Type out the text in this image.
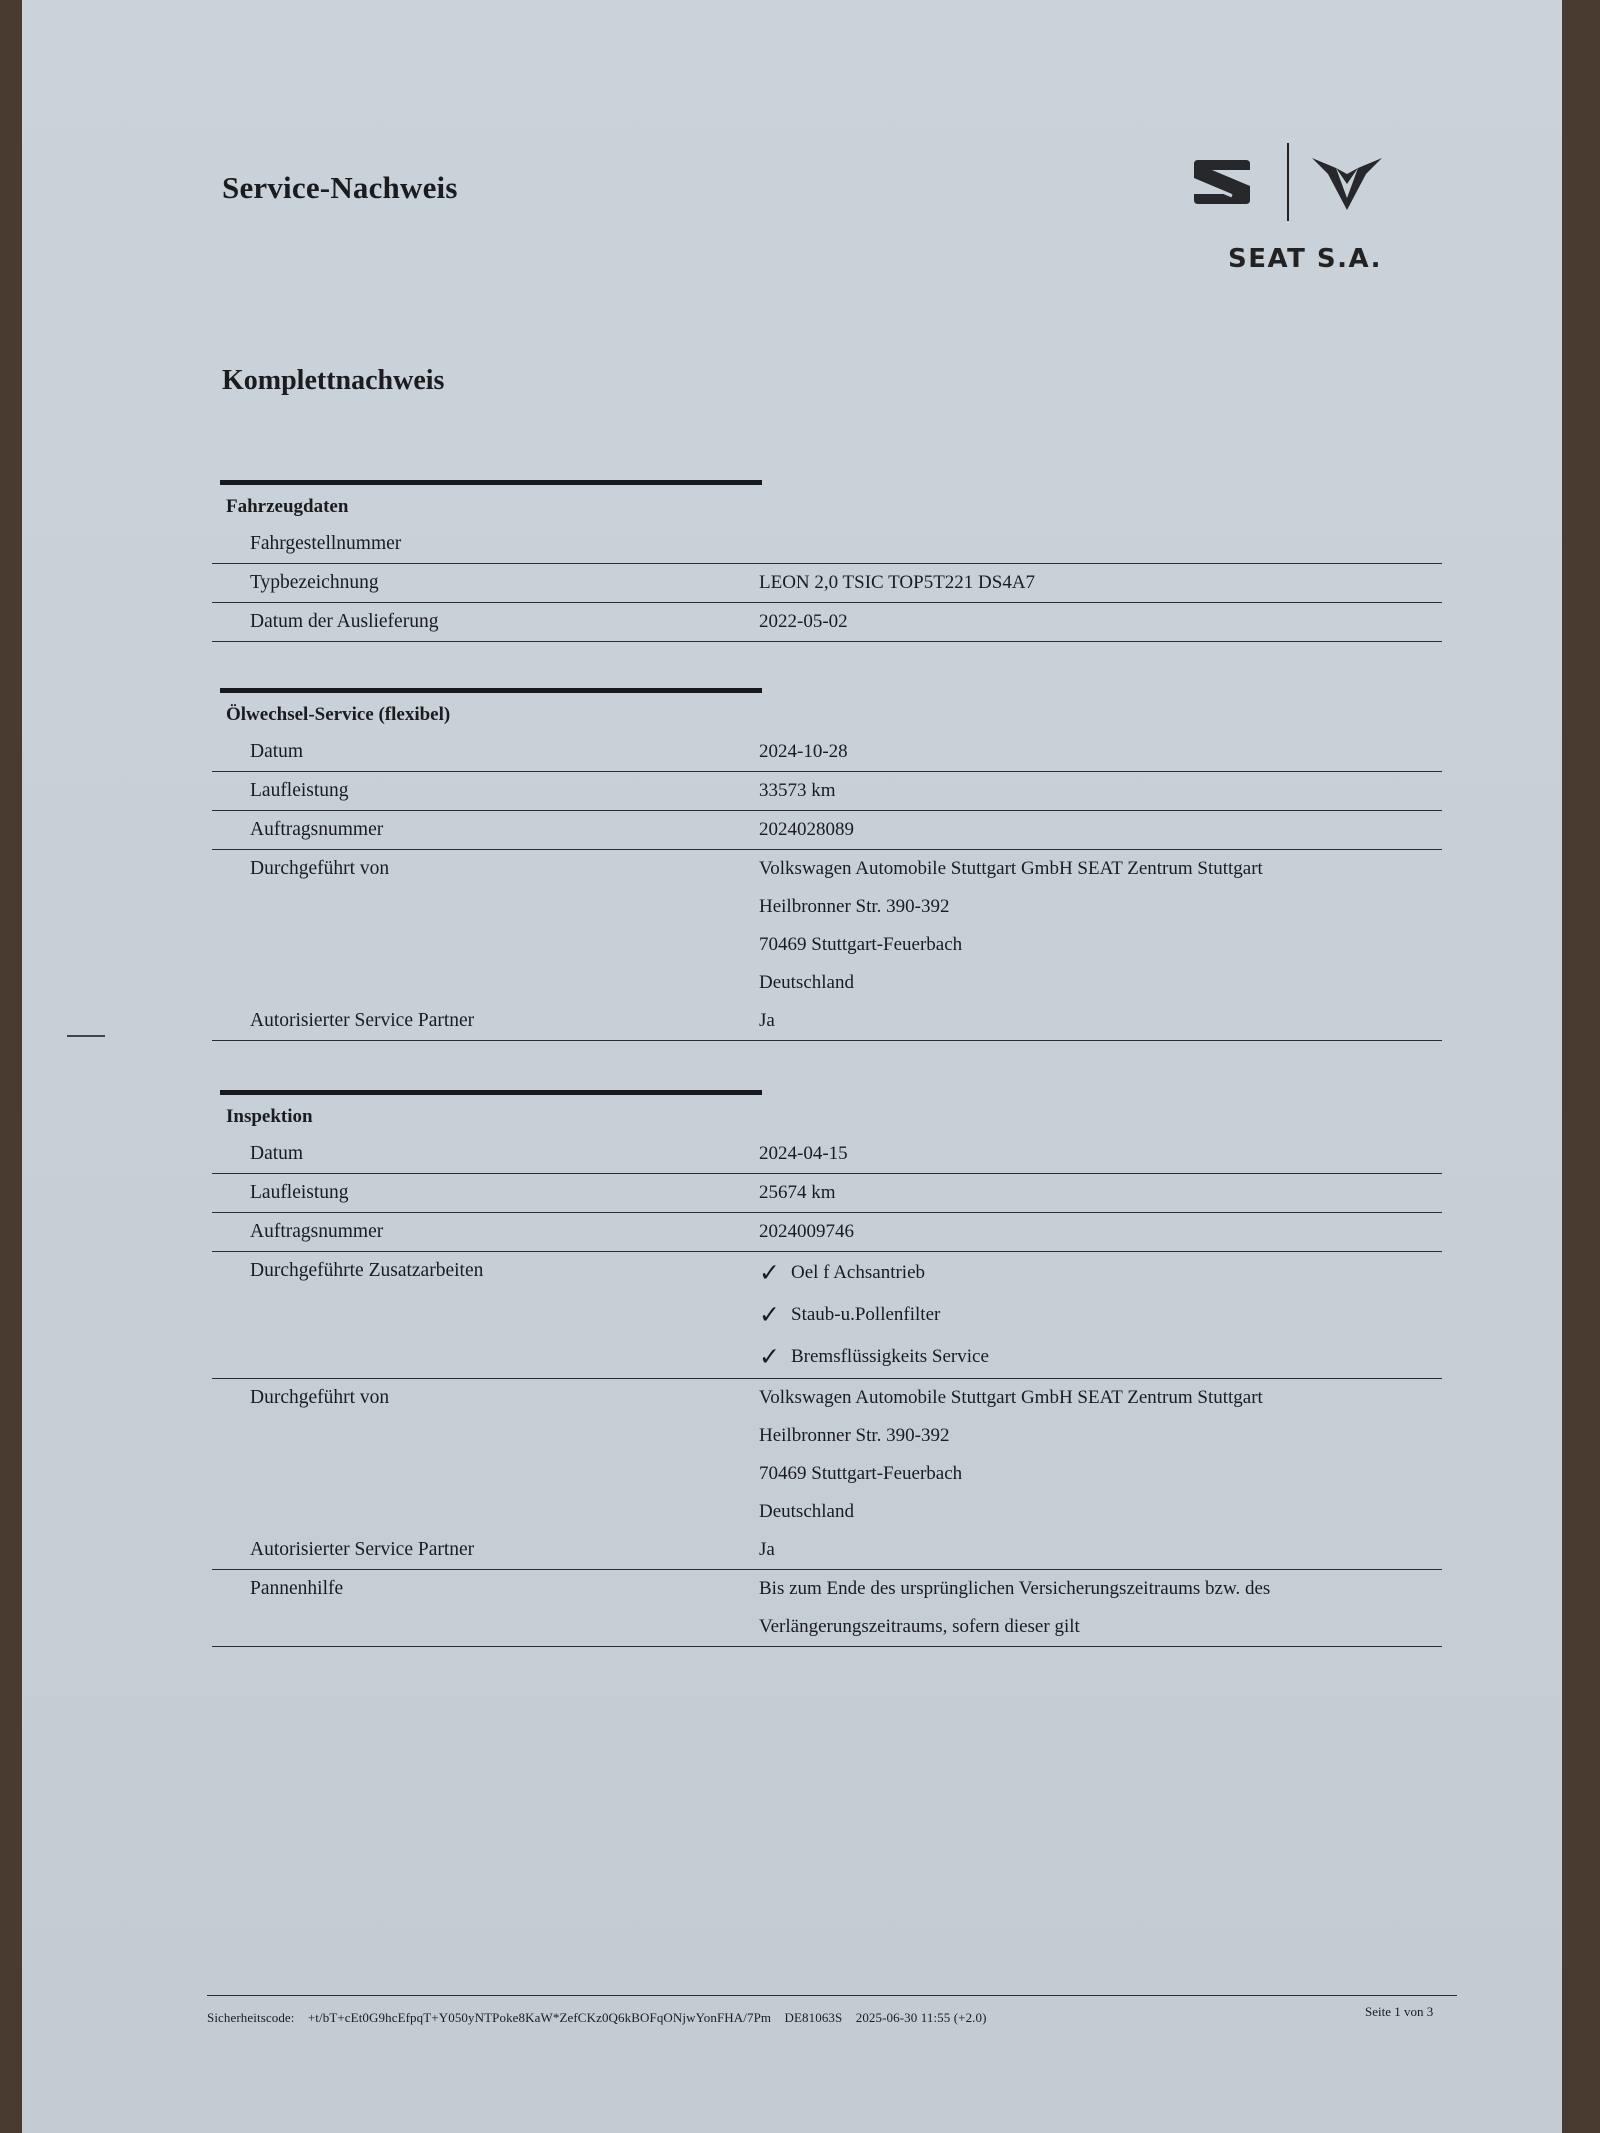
Service-Nachweis
SEAT S.A.
Komplettnachweis
Fahrzeugdaten
Fahrgestellnummer
Typbezeichnung	LEON 2,0 TSIC TOP5T221 DS4A7
Datum der Auslieferung	2022-05-02
Ölwechsel-Service (flexibel)
Datum	2024-10-28
Laufleistung	33573 km
Auftragsnummer	2024028089
Durchgeführt von	Volkswagen Automobile Stuttgart GmbH SEAT Zentrum Stuttgart
Heilbronner Str. 390-392
70469 Stuttgart-Feuerbach
Deutschland
Autorisierter Service Partner	Ja
Inspektion
Datum	2024-04-15
Laufleistung	25674 km
Auftragsnummer	2024009746
Durchgeführte Zusatzarbeiten	✓ Oel f Achsantrieb
✓ Staub-u.Pollenfilter
✓ Bremsflüssigkeits Service
Durchgeführt von	Volkswagen Automobile Stuttgart GmbH SEAT Zentrum Stuttgart
Heilbronner Str. 390-392
70469 Stuttgart-Feuerbach
Deutschland
Autorisierter Service Partner	Ja
Pannenhilfe	Bis zum Ende des ursprünglichen Versicherungszeitraums bzw. des
Verlängerungszeitraums, sofern dieser gilt
Sicherheitscode: +t/bT+cEt0G9hcEfpqT+Y050yNTPoke8KaW*ZefCKz0Q6kBOFqONjwYonFHA/7Pm DE81063S 2025-06-30 11:55 (+2.0)	Seite 1 von 3
